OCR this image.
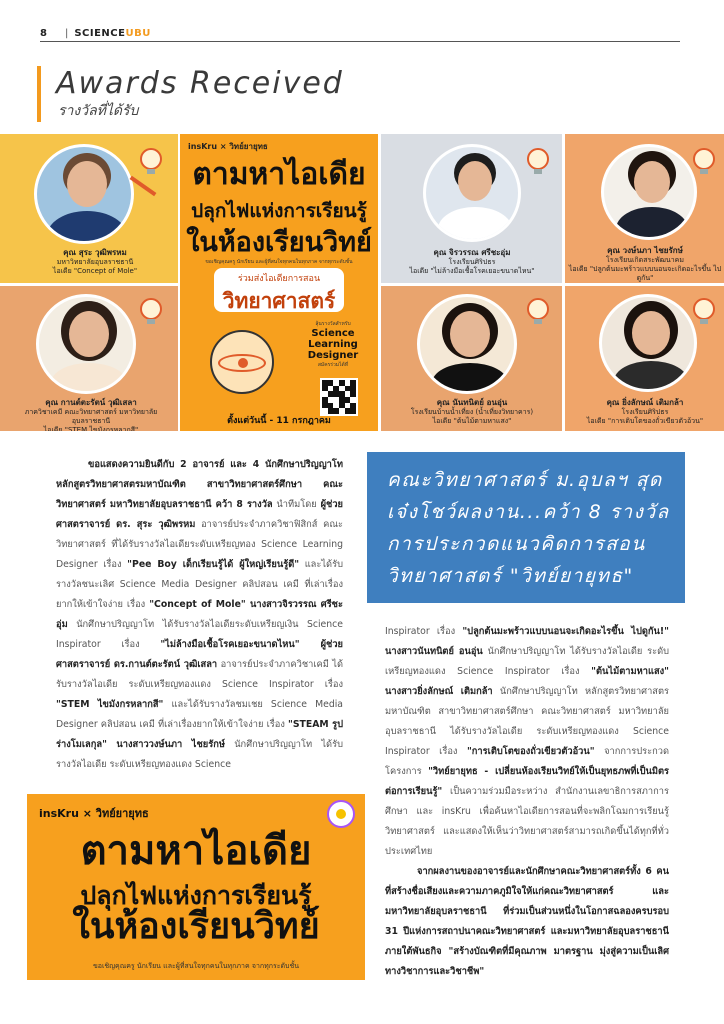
8 | SCIENCEUBU
Awards Received
รางวัลที่ได้รับ
คุณ สุระ วุฒิพรหม
มหาวิทยาลัยอุบลราชธานี
ไอเดีย "Concept of Mole"
คุณ กานต์ตะรัตน์ วุฒิเสลา
ภาควิชาเคมี คณะวิทยาศาสตร์ มหาวิทยาลัยอุบลราชธานี
ไอเดีย "STEM ไขมังกรหลากสี"
insKru × วิทย์ยายุทธ
ตามหาไอเดีย
ปลุกไฟแห่งการเรียนรู้
ในห้องเรียนวิทย์
ขอเชิญคุณครู นักเรียน และผู้ที่สนใจทุกคนในทุกภาค จากทุกระดับชั้น
ร่วมส่งไอเดียการสอน
วิทยาศาสตร์
ลุ้นรางวัลสำหรับ
Science Learning Designer
สมัครร่วมได้ที่
ตั้งแต่วันนี้ - 11 กรกฎาคม
คุณ จิรวรรณ ศรีชะอุ่ม
โรงเรียนศิริปธร
ไอเดีย "ไม่ล้างมือเชื้อโรคเยอะขนาดไหน"
คุณ วงษ์นภา ไชยรักษ์
โรงเรียนเกิดสระพัฒนาคม
ไอเดีย "ปลูกต้นมะพร้าวแบบนอนจะเกิดอะไรขึ้น ไปดูกัน"
คุณ นันทนิตย์ อนอุ่น
โรงเรียนบ้านน้ำเที่ยง (น้ำเที่ยงวิทยาคาร)
ไอเดีย "ต้นไม้ตามหาแสง"
คุณ ยิ่งลักษณ์ เติมกล้า
โรงเรียนศิริปธร
ไอเดีย "การเติบโตของถั่วเขียวตัวอ้วน"

ขอแสดงความยินดีกับ 2 อาจารย์ และ 4 นักศึกษาปริญญาโท หลักสูตรวิทยาศาสตรมหาบัณฑิต สาขาวิทยาศาสตร์ศึกษา คณะวิทยาศาสตร์ มหาวิทยาลัยอุบลราชธานี คว้า 8 รางวัล นำทีมโดย ผู้ช่วยศาสตราจารย์ ดร. สุระ วุฒิพรหม อาจารย์ประจำภาควิชาฟิสิกส์ คณะวิทยาศาสตร์ ที่ได้รับรางวัลไอเดียระดับเหรียญทอง Science Learning Designer เรื่อง "Pee Boy เด็กเรียนรู้ได้ ผู้ใหญ่เรียนรู้ดี" และได้รับรางวัลชนะเลิศ Science Media Designer คลิปสอน เคมี ที่เล่าเรื่องยากให้เข้าใจง่าย เรื่อง "Concept of Mole" นางสาวจิรวรรณ ศรีชะอุ่ม นักศึกษาปริญญาโท ได้รับรางวัลไอเดียระดับเหรียญเงิน Science Inspirator เรื่อง "ไม่ล้างมือเชื้อโรคเยอะขนาดไหน" ผู้ช่วยศาสตราจารย์ ดร.กานต์ตะรัตน์ วุฒิเสลา อาจารย์ประจำภาควิชาเคมี ได้รับรางวัลไอเดีย ระดับเหรียญทองแดง Science Inspirator เรื่อง "STEM ไขมังกรหลากสี" และได้รับรางวัลชมเชย Science Media Designer คลิปสอน เคมี ที่เล่าเรื่องยากให้เข้าใจง่าย เรื่อง "STEAM รูปร่างโมเลกุล" นางสาววงษ์นภา ไชยรักษ์ นักศึกษาปริญญาโท ได้รับรางวัลไอเดีย ระดับเหรียญทองแดง Science

คณะวิทยาศาสตร์ ม.อุบลฯ สุดเจ๋งโชว์ผลงาน...คว้า 8 รางวัลการประกวดแนวคิดการสอนวิทยาศาสตร์ "วิทย์ยายุทธ"

Inspirator เรื่อง "ปลูกต้นมะพร้าวแบบนอนจะเกิดอะไรขึ้น ไปดูกัน!" นางสาวนันทนิตย์ อนอุ่น นักศึกษาปริญญาโท ได้รับรางวัลไอเดีย ระดับเหรียญทองแดง Science Inspirator เรื่อง "ต้นไม้ตามหาแสง" นางสาวยิ่งลักษณ์ เติมกล้า นักศึกษาปริญญาโท หลักสูตรวิทยาศาสตรมหาบัณฑิต สาขาวิทยาศาสตร์ศึกษา คณะวิทยาศาสตร์ มหาวิทยาลัยอุบลราชธานี ได้รับรางวัลไอเดีย ระดับเหรียญทองแดง Science Inspirator เรื่อง "การเติบโตของถั่วเขียวตัวอ้วน" จากการประกวดโครงการ "วิทย์ยายุทธ - เปลี่ยนห้องเรียนวิทย์ให้เป็นยุทธภพที่เป็นมิตรต่อการเรียนรู้" เป็นความร่วมมือระหว่าง สำนักงานเลขาธิการสภาการศึกษา และ insKru เพื่อค้นหาไอเดียการสอนที่จะพลิกโฉมการเรียนรู้วิทยาศาสตร์ และแสดงให้เห็นว่าวิทยาศาสตร์สามารถเกิดขึ้นได้ทุกที่ทั่วประเทศไทย

จากผลงานของอาจารย์และนักศึกษาคณะวิทยาศาสตร์ทั้ง 6 คน ที่สร้างชื่อเสียงและความภาคภูมิใจให้แก่คณะวิทยาศาสตร์ และมหาวิทยาลัยอุบลราชธานี ที่ร่วมเป็นส่วนหนึ่งในโอกาสฉลองครบรอบ 31 ปีแห่งการสถาปนาคณะวิทยาศาสตร์ และมหาวิทยาลัยอุบลราชธานี ภายใต้พันธกิจ "สร้างบัณฑิตที่มีคุณภาพ มาตรฐาน มุ่งสู่ความเป็นเลิศทางวิชาการและวิชาชีพ"

insKru × วิทย์ยายุทธ
ตามหาไอเดีย
ปลุกไฟแห่งการเรียนรู้
ในห้องเรียนวิทย์
ขอเชิญคุณครู นักเรียน และผู้ที่สนใจทุกคนในทุกภาค จากทุกระดับชั้น
